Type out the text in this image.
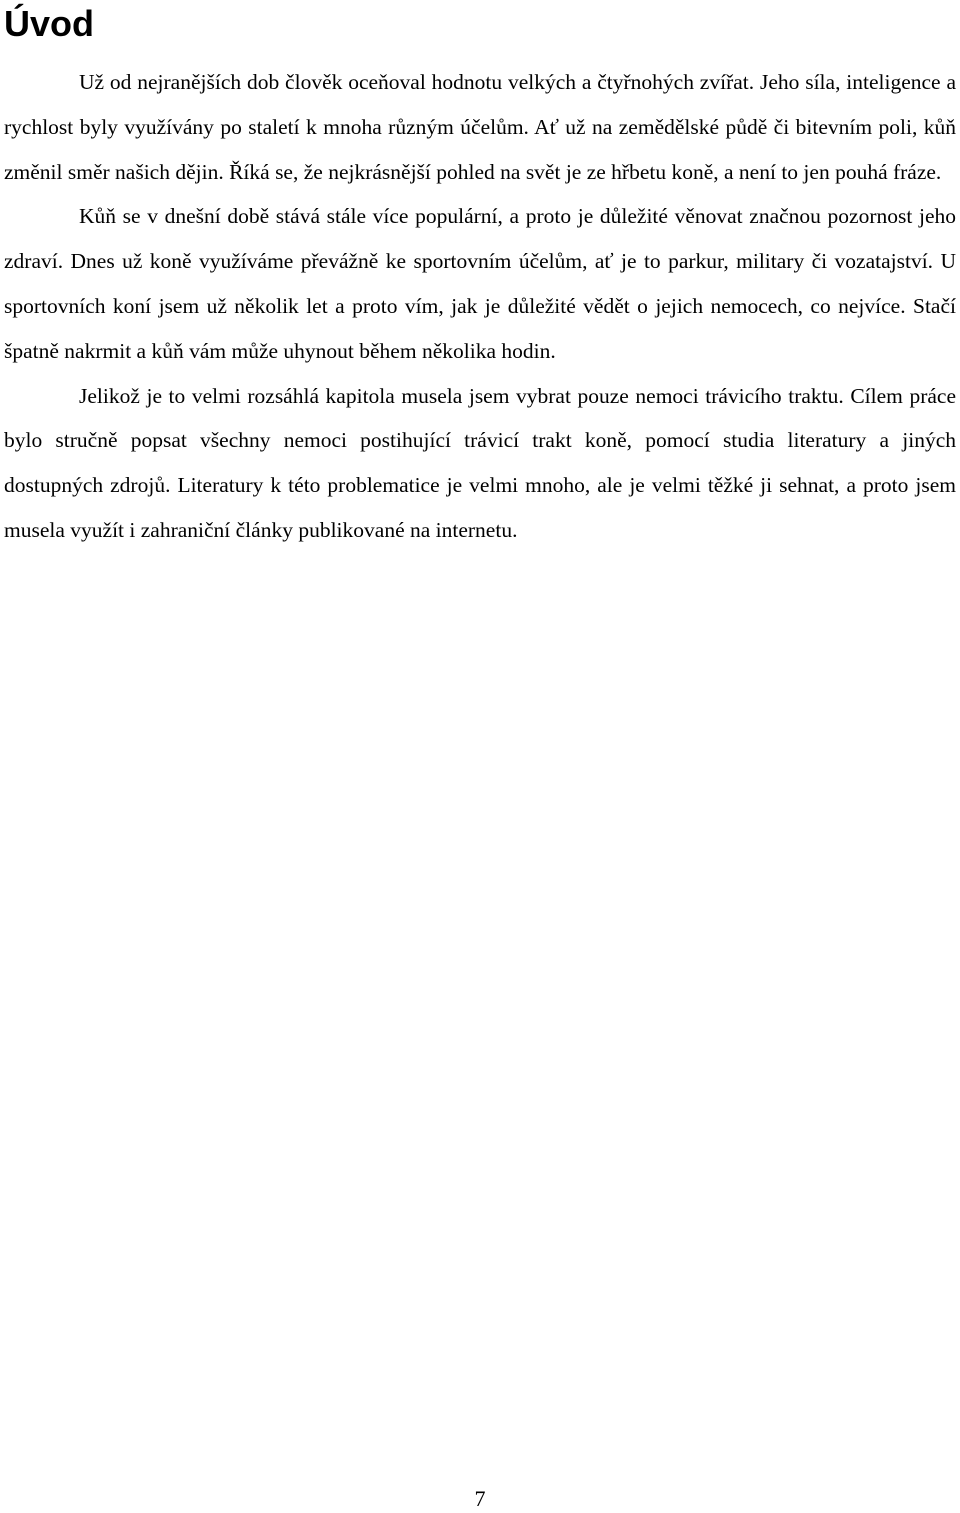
Úvod

Už od nejranějších dob člověk oceňoval hodnotu velkých a čtyřnohých zvířat. Jeho síla, inteligence a rychlost byly využívány po staletí k mnoha různým účelům. Ať už na zemědělské půdě či bitevním poli, kůň změnil směr našich dějin. Říká se, že nejkrásnější pohled na svět je ze hřbetu koně, a není to jen pouhá fráze.

Kůň se v dnešní době stává stále více populární, a proto je důležité věnovat značnou pozornost jeho zdraví. Dnes už koně využíváme převážně ke sportovním účelům, ať je to parkur, military či vozatajství. U sportovních koní jsem už několik let a proto vím, jak je důležité vědět o jejich nemocech, co nejvíce. Stačí špatně nakrmit a kůň vám může uhynout během několika hodin.

Jelikož je to velmi rozsáhlá kapitola musela jsem vybrat pouze nemoci trávicího traktu. Cílem práce bylo stručně popsat všechny nemoci postihující trávicí trakt koně, pomocí studia literatury a jiných dostupných zdrojů. Literatury k této problematice je velmi mnoho, ale je velmi těžké ji sehnat, a proto jsem musela využít i zahraniční články publikované na internetu.

7
